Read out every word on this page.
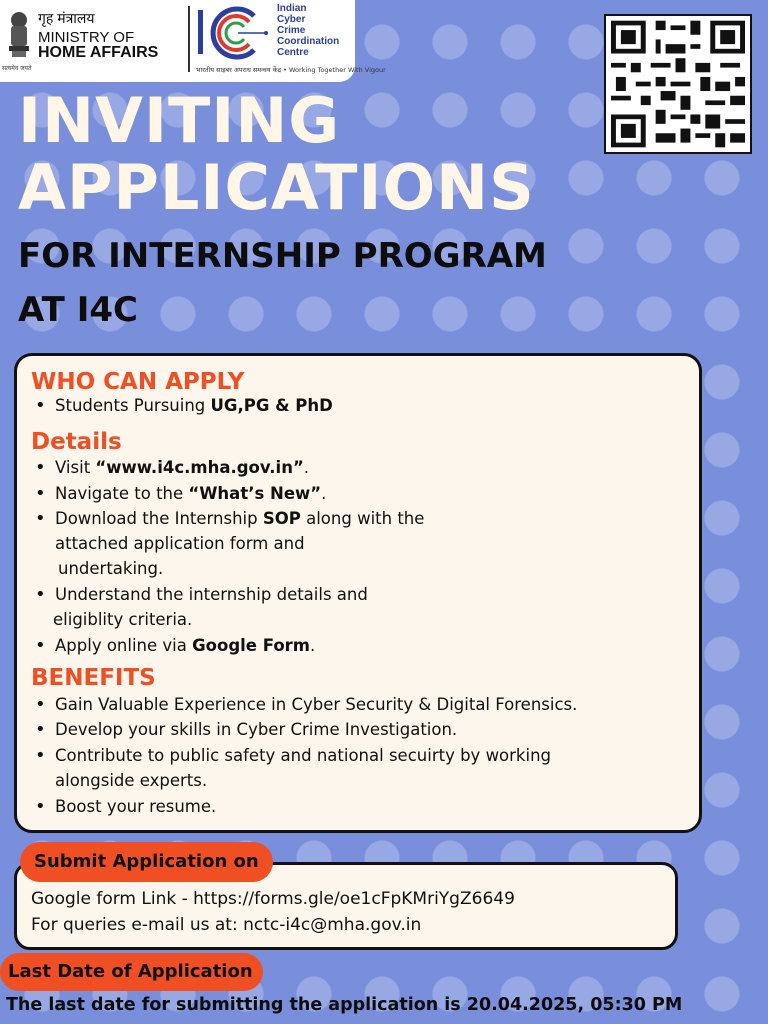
सत्यमेव जयते
गृह मंत्रालय
MINISTRY OF
HOME AFFAIRS
Indian
Cyber
Crime
Coordination
Centre
भारतीय साइबर अपराध समन्वय केंद्र • Working Together With Vigour
INVITING
APPLICATIONS
FOR INTERNSHIP PROGRAM
AT I4C
WHO CAN APPLY

• Students Pursuing UG,PG & PhD

Details

• Visit “www.i4c.mha.gov.in”.

• Navigate to the “What’s New”.

• Download the Internship SOP along with the

attached application form and

undertaking.

• Understand the internship details and

eligiblity criteria.

• Apply online via Google Form.

BENEFITS

• Gain Valuable Experience in Cyber Security & Digital Forensics.

• Develop your skills in Cyber Crime Investigation.

• Contribute to public safety and national secuirty by working

alongside experts.

• Boost your resume.

Google form Link - https://forms.gle/oe1cFpKMriYgZ6649

For queries e-mail us at: nctc-i4c@mha.gov.in

Submit Application on
Last Date of Application

The last date for submitting the application is 20.04.2025, 05:30 PM
